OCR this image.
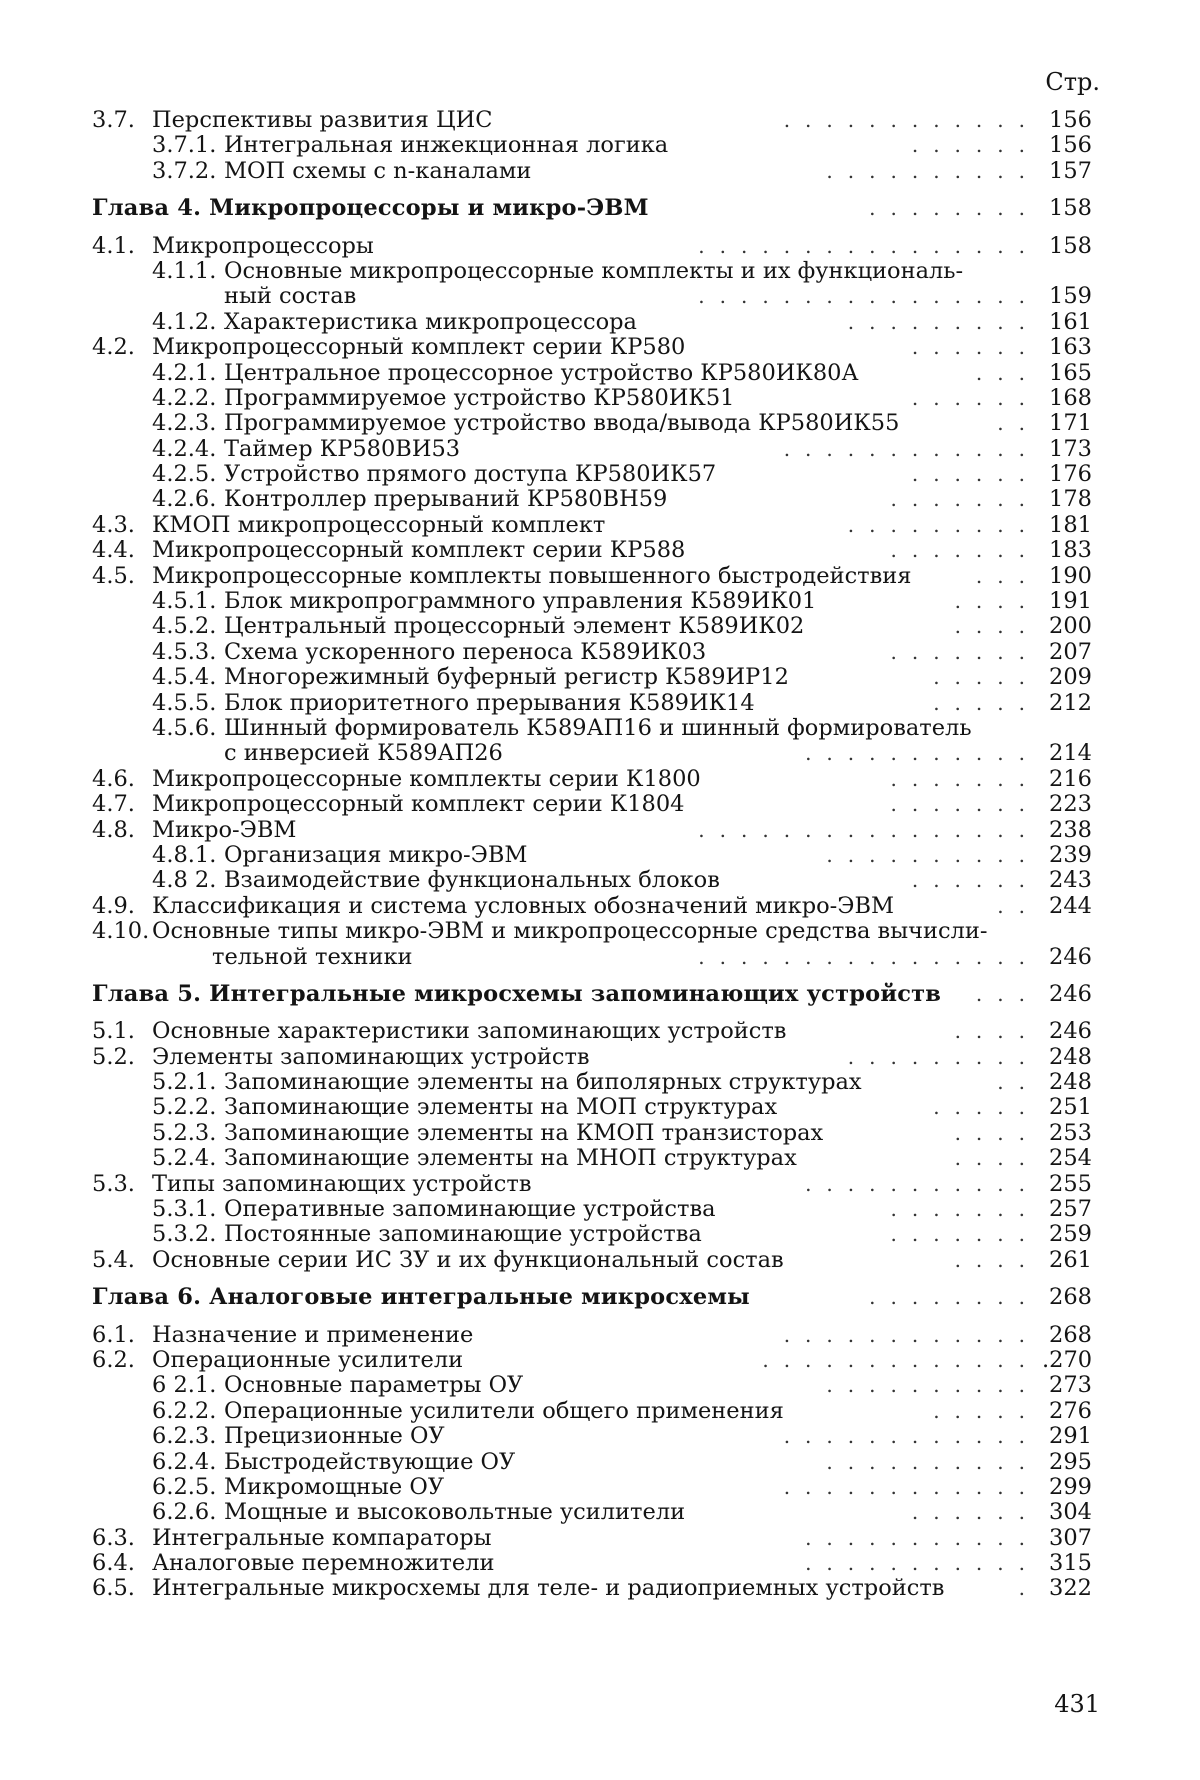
Стр.
3.7. Перспективы развития ЦИС	............ 156
3.7.1. Интегральная инжекционная логика	...... 156
3.7.2. МОП схемы с n-каналами	.......... 157
Глава 4. Микропроцессоры и микро-ЭВМ	........ 158
4.1. Микропроцессоры	................ 158
4.1.1. Основные микропроцессорные комплекты и их функциональ-
ный состав	................ 159
4.1.2. Характеристика микропроцессора	......... 161
4.2. Микропроцессорный комплект серии КР580	...... 163
4.2.1. Центральное процессорное устройство КР580ИК80А	... 165
4.2.2. Программируемое устройство КР580ИК51	...... 168
4.2.3. Программируемое устройство ввода/вывода КР580ИК55	.. 171
4.2.4. Таймер КР580ВИ53	............ 173
4.2.5. Устройство прямого доступа КР580ИК57	...... 176
4.2.6. Контроллер прерываний КР580ВН59	....... 178
4.3. КМОП микропроцессорный комплект	......... 181
4.4. Микропроцессорный комплект серии КР588	....... 183
4.5. Микропроцессорные комплекты повышенного быстродействия	... 190
4.5.1. Блок микропрограммного управления К589ИК01	.... 191
4.5.2. Центральный процессорный элемент К589ИК02	.... 200
4.5.3. Схема ускоренного переноса К589ИК03	....... 207
4.5.4. Многорежимный буферный регистр К589ИР12	..... 209
4.5.5. Блок приоритетного прерывания К589ИК14	..... 212
4.5.6. Шинный формирователь К589АП16 и шинный формирователь
с инверсией К589АП26	........... 214
4.6. Микропроцессорные комплекты серии К1800	....... 216
4.7. Микропроцессорный комплект серии К1804	....... 223
4.8. Микро-ЭВМ	................ 238
4.8.1. Организация микро-ЭВМ	.......... 239
4.8 2. Взаимодействие функциональных блоков	...... 243
4.9. Классификация и система условных обозначений микро-ЭВМ	.. 244
4.10. Основные типы микро-ЭВМ и микропроцессорные средства вычисли-
тельной техники	................ 246
Глава 5. Интегральные микросхемы запоминающих устройств ... 246
5.1. Основные характеристики запоминающих устройств	.... 246
5.2. Элементы запоминающих устройств	......... 248
5.2.1. Запоминающие элементы на биполярных структурах	.. 248
5.2.2. Запоминающие элементы на МОП структурах	..... 251
5.2.3. Запоминающие элементы на КМОП транзисторах	.... 253
5.2.4. Запоминающие элементы на МНОП структурах	.... 254
5.3. Типы запоминающих устройств	........... 255
5.3.1. Оперативные запоминающие устройства	....... 257
5.3.2. Постоянные запоминающие устройства	....... 259
5.4. Основные серии ИС ЗУ и их функциональный состав	.... 261
Глава 6. Аналоговые интегральные микросхемы	........ 268
6.1. Назначение и применение	............ 268
6.2. Операционные усилители	............. .270
6 2.1. Основные параметры ОУ	.......... 273
6.2.2. Операционные усилители общего применения	..... 276
6.2.3. Прецизионные ОУ	............ 291
6.2.4. Быстродействующие ОУ	.......... 295
6.2.5. Микромощные ОУ	............ 299
6.2.6. Мощные и высоковольтные усилители	...... 304
6.3. Интегральные компараторы	........... 307
6.4. Аналоговые перемножители	........... 315
6.5. Интегральные микросхемы для теле- и радиоприемных устройств	. 322
431
